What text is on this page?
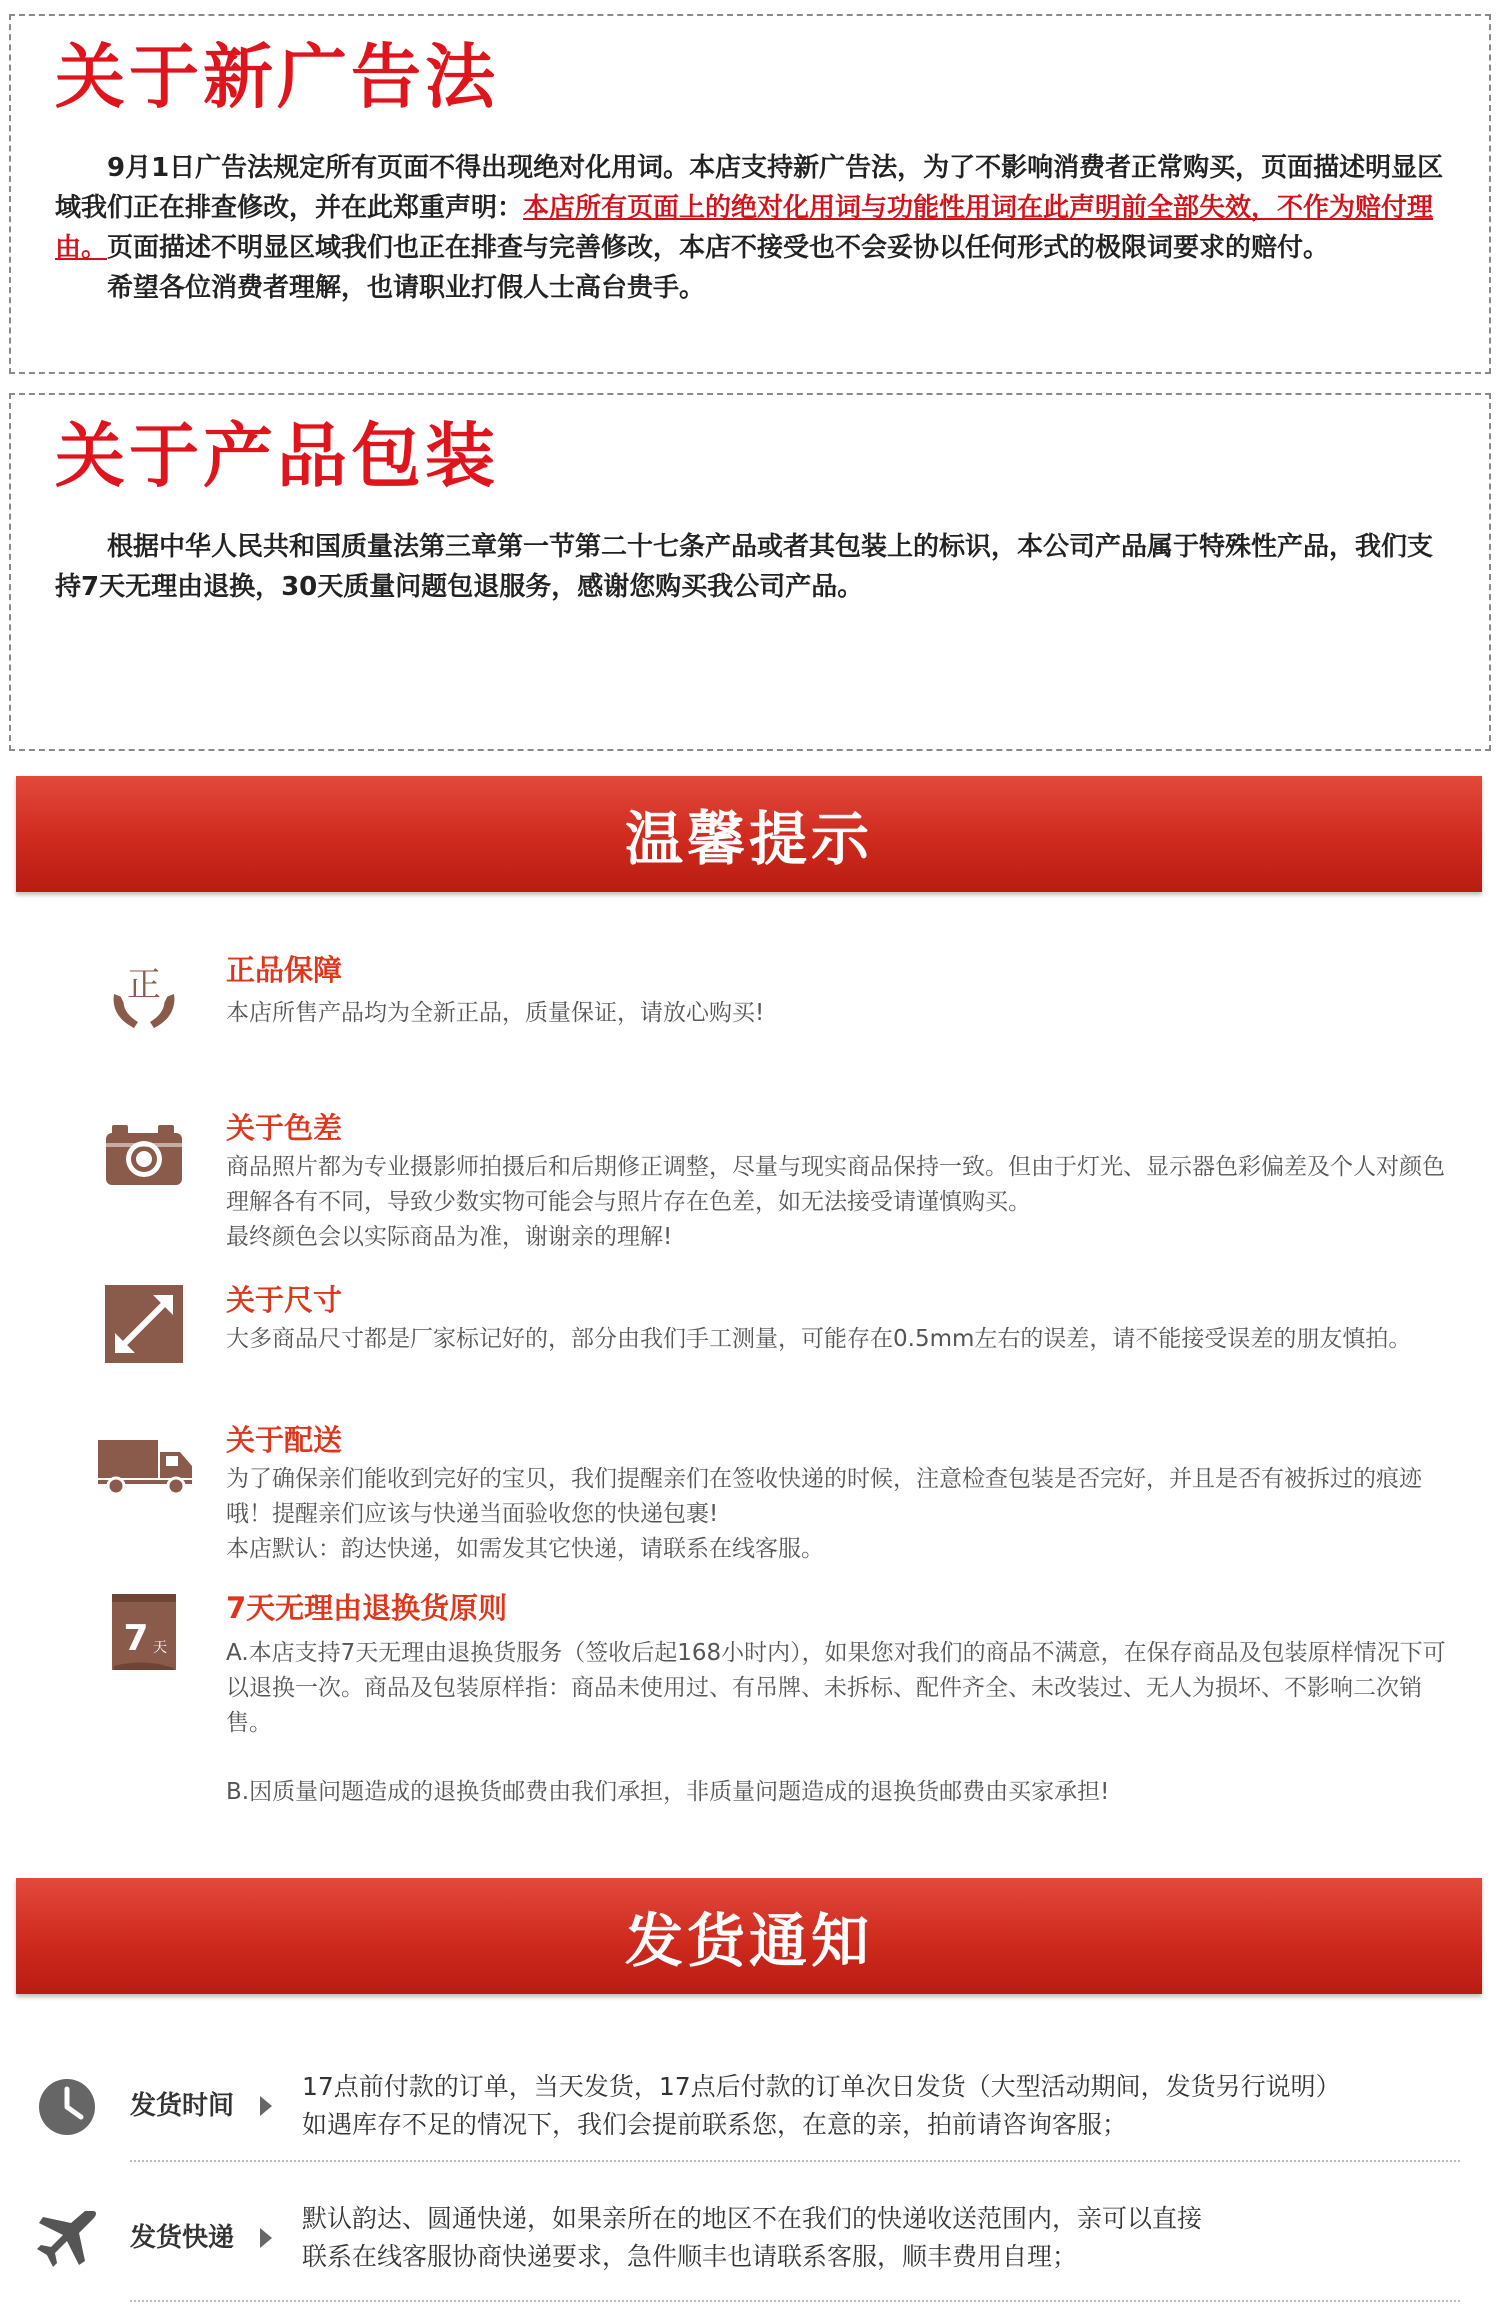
关于新广告法

9月1日广告法规定所有页面不得出现绝对化用词。本店支持新广告法，为了不影响消费者正常购买，页面描述明显区域我们正在排查修改，并在此郑重声明：本店所有页面上的绝对化用词与功能性用词在此声明前全部失效，不作为赔付理由。页面描述不明显区域我们也正在排查与完善修改，本店不接受也不会妥协以任何形式的极限词要求的赔付。

希望各位消费者理解，也请职业打假人士高台贵手。

关于产品包装

根据中华人民共和国质量法第三章第一节第二十七条产品或者其包装上的标识，本公司产品属于特殊性产品，我们支持7天无理由退换，30天质量问题包退服务，感谢您购买我公司产品。

温馨提示
正 正品保障

本店所售产品均为全新正品，质量保证，请放心购买!

关于色差

商品照片都为专业摄影师拍摄后和后期修正调整，尽量与现实商品保持一致。但由于灯光、显示器色彩偏差及个人对颜色理解各有不同，导致少数实物可能会与照片存在色差，如无法接受请谨慎购买。

最终颜色会以实际商品为准，谢谢亲的理解!

关于尺寸

大多商品尺寸都是厂家标记好的，部分由我们手工测量，可能存在0.5mm左右的误差，请不能接受误差的朋友慎拍。

关于配送

为了确保亲们能收到完好的宝贝，我们提醒亲们在签收快递的时候，注意检查包装是否完好，并且是否有被拆过的痕迹哦！提醒亲们应该与快递当面验收您的快递包裹!

本店默认：韵达快递，如需发其它快递，请联系在线客服。

7 天
7天无理由退换货原则

A.本店支持7天无理由退换货服务（签收后起168小时内），如果您对我们的商品不满意，在保存商品及包装原样情况下可以退换一次。商品及包装原样指：商品未使用过、有吊牌、未拆标、配件齐全、未改装过、无人为损坏、不影响二次销售。

B.因质量问题造成的退换货邮费由我们承担，非质量问题造成的退换货邮费由买家承担!

发货通知
发货时间

17点前付款的订单，当天发货，17点后付款的订单次日发货（大型活动期间，发货另行说明）

如遇库存不足的情况下，我们会提前联系您，在意的亲，拍前请咨询客服；

发货快递

默认韵达、圆通快递，如果亲所在的地区不在我们的快递收送范围内，亲可以直接

联系在线客服协商快递要求，急件顺丰也请联系客服，顺丰费用自理；
